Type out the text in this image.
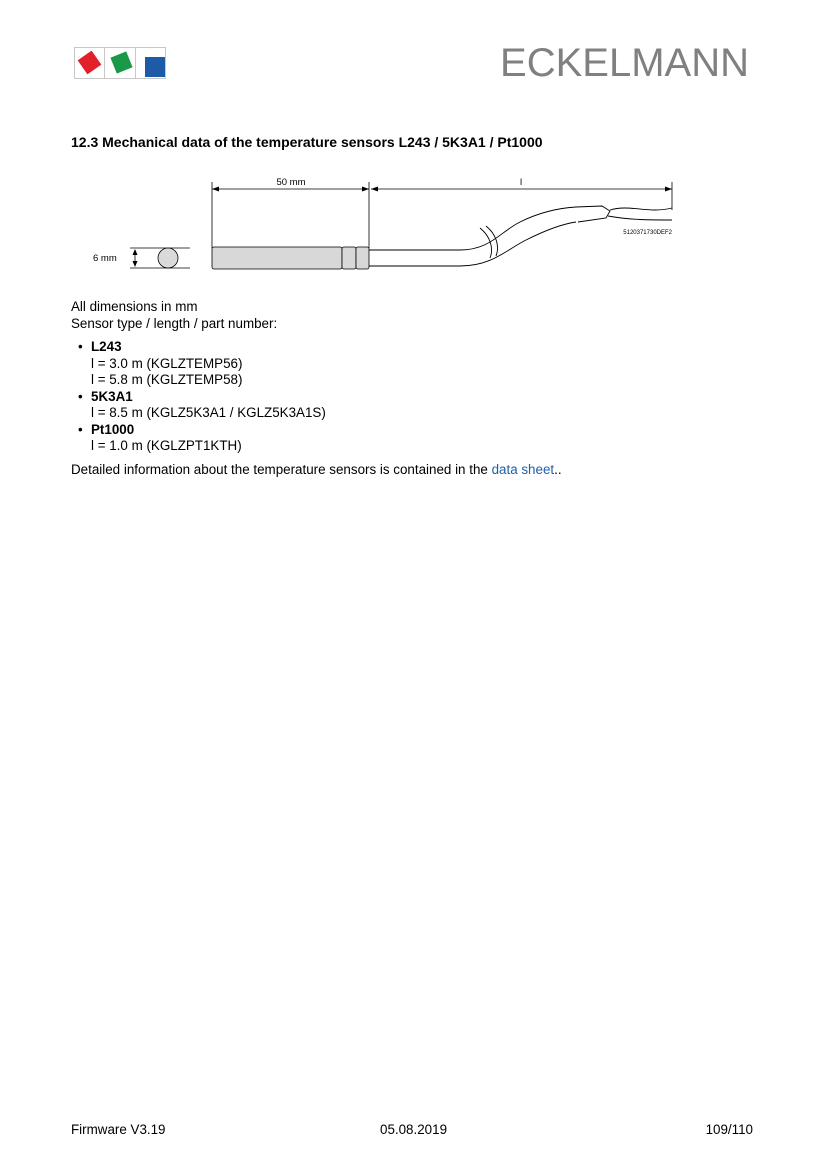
ECKELMANN
12.3 Mechanical data of the temperature sensors L243 / 5K3A1 / Pt1000
50 mm	l
6 mm
5120371730DEF2

All dimensions in mm

Sensor type / length / part number:

• L243
l = 3.0 m (KGLZTEMP56)
l = 5.8 m (KGLZTEMP58)
• 5K3A1
l = 8.5 m (KGLZ5K3A1 / KGLZ5K3A1S)
• Pt1000
l = 1.0 m (KGLZPT1KTH)

Detailed information about the temperature sensors is contained in the data sheet..

Firmware V3.19	05.08.2019	109/110
